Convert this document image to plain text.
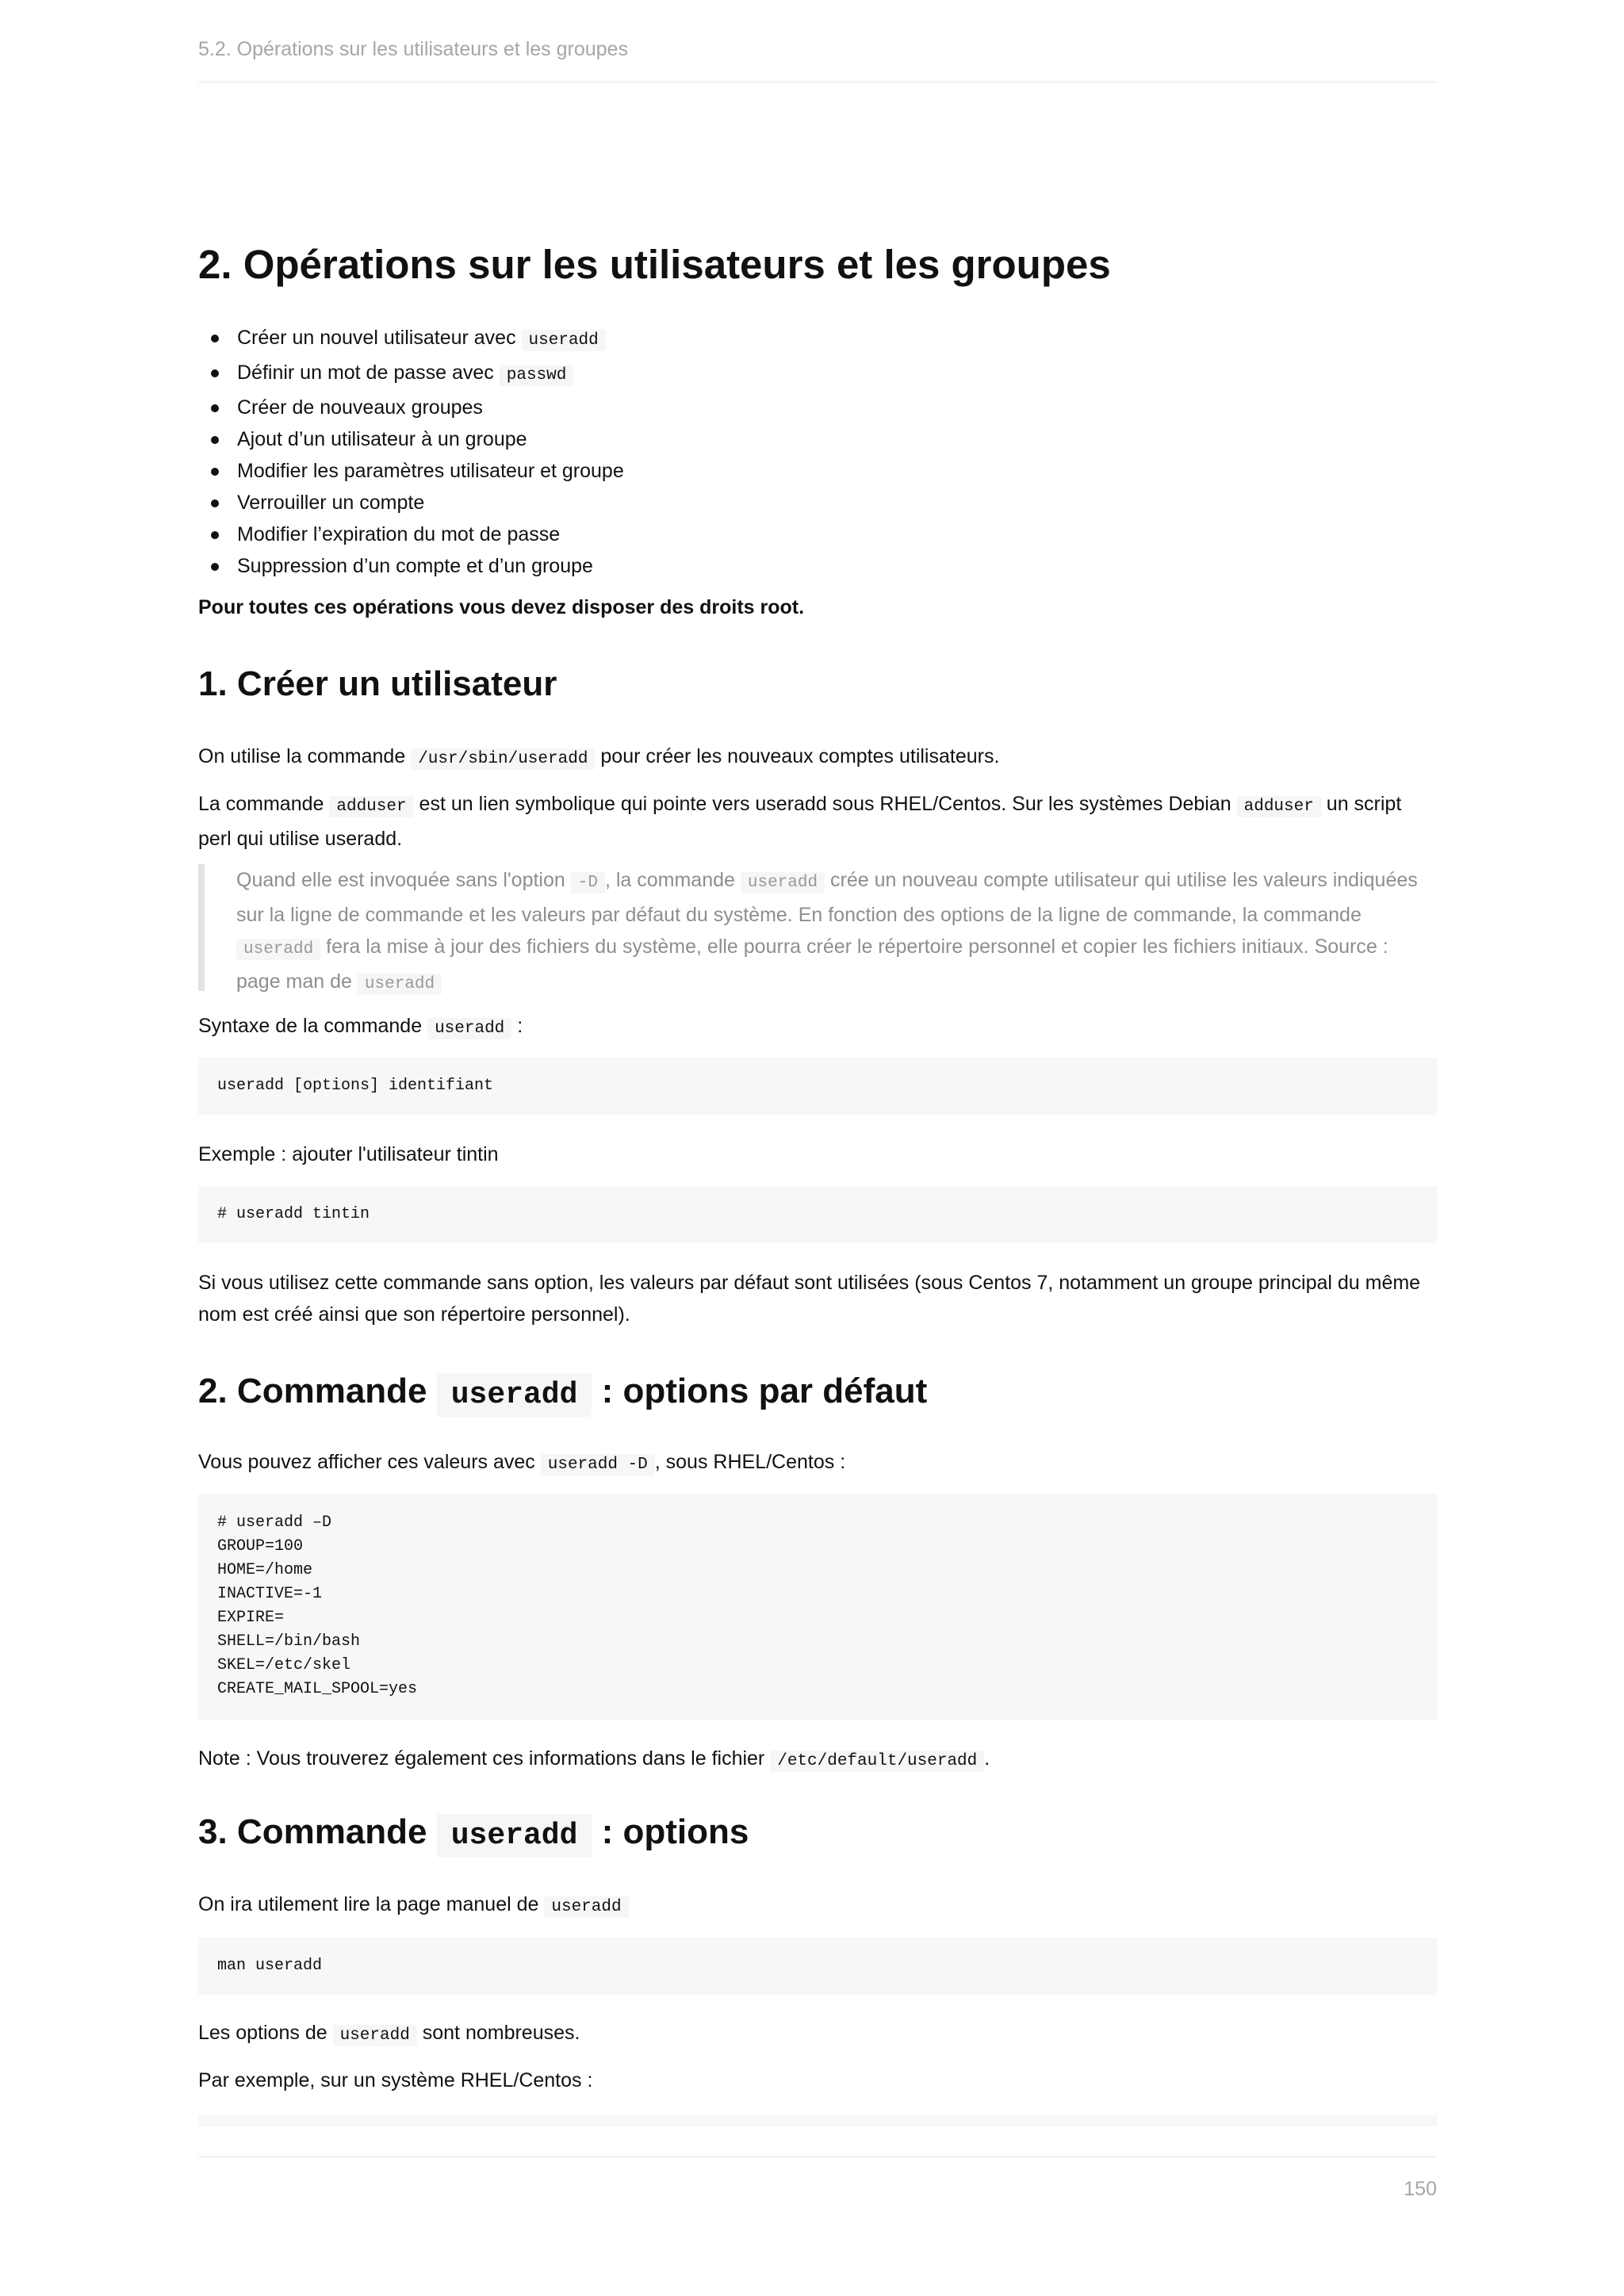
5.2. Opérations sur les utilisateurs et les groupes
2. Opérations sur les utilisateurs et les groupes
Créer un nouvel utilisateur avec useradd
Définir un mot de passe avec passwd
Créer de nouveaux groupes
Ajout d’un utilisateur à un groupe
Modifier les paramètres utilisateur et groupe
Verrouiller un compte
Modifier l’expiration du mot de passe
Suppression d’un compte et d’un groupe

Pour toutes ces opérations vous devez disposer des droits root.

1. Créer un utilisateur

On utilise la commande /usr/sbin/useradd pour créer les nouveaux comptes utilisateurs.

La commande adduser est un lien symbolique qui pointe vers useradd sous RHEL/Centos. Sur les systèmes Debian adduser un script perl qui utilise useradd.

Quand elle est invoquée sans l'option -D , la commande useradd crée un nouveau compte utilisateur qui utilise les valeurs indiquées sur la ligne de commande et les valeurs par défaut du système. En fonction des options de la ligne de commande, la commande useradd fera la mise à jour des fichiers du système, elle pourra créer le répertoire personnel et copier les fichiers initiaux. Source : page man de useradd

Syntaxe de la commande useradd :

useradd [options] identifiant

Exemple : ajouter l'utilisateur tintin

# useradd tintin

Si vous utilisez cette commande sans option, les valeurs par défaut sont utilisées (sous Centos 7, notamment un groupe principal du même nom est créé ainsi que son répertoire personnel).

2. Commande useradd : options par défaut

Vous pouvez afficher ces valeurs avec useradd -D , sous RHEL/Centos :

# useradd –D
GROUP=100
HOME=/home
INACTIVE=-1
EXPIRE=
SHELL=/bin/bash
SKEL=/etc/skel
CREATE_MAIL_SPOOL=yes

Note : Vous trouverez également ces informations dans le fichier /etc/default/useradd .

3. Commande useradd : options

On ira utilement lire la page manuel de useradd

man useradd

Les options de useradd sont nombreuses.

Par exemple, sur un système RHEL/Centos :

150
